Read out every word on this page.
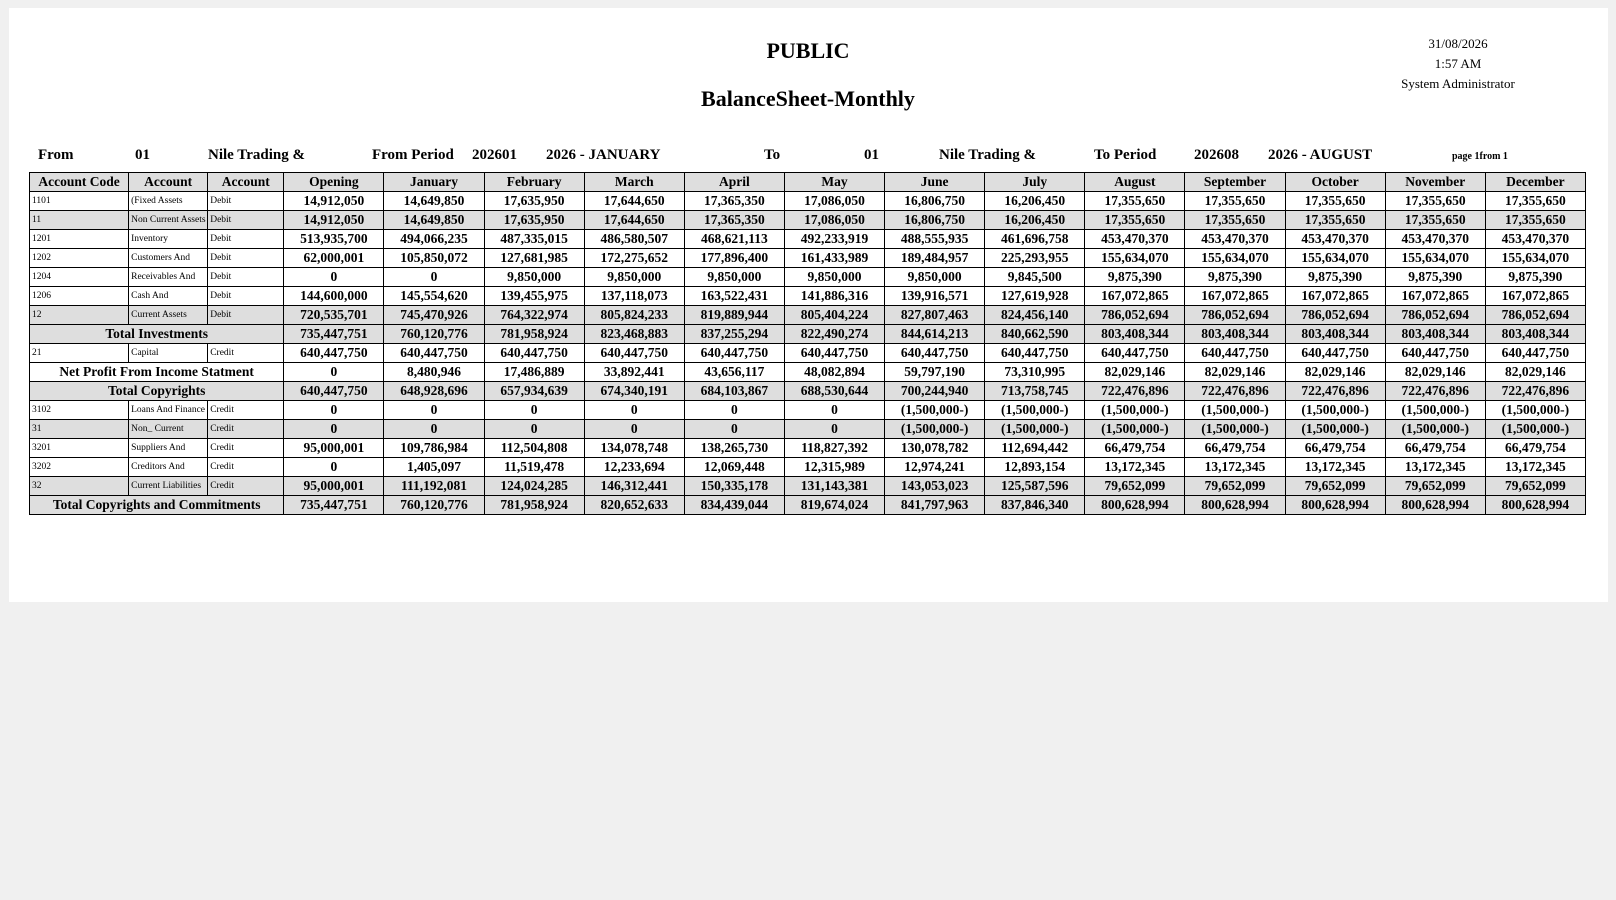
PUBLIC
BalanceSheet-Monthly
31/08/2026
1:57 AM
System Administrator
From	01	Nile Trading &	From Period 202601 2026 - JANUARY	To	01	Nile Trading &	To Period	202608 2026 - AUGUST	page 1from 1
Account Code	Account	Account	Opening	January	February	March	April	May	June	July	August	September	October	November	December
1101	(Fixed Assets	Debit	14,912,050	14,649,850	17,635,950	17,644,650	17,365,350	17,086,050	16,806,750	16,206,450	17,355,650	17,355,650	17,355,650	17,355,650	17,355,650
11	Non Current Assets	Debit	14,912,050	14,649,850	17,635,950	17,644,650	17,365,350	17,086,050	16,806,750	16,206,450	17,355,650	17,355,650	17,355,650	17,355,650	17,355,650
1201	Inventory	Debit	513,935,700	494,066,235	487,335,015	486,580,507	468,621,113	492,233,919	488,555,935	461,696,758	453,470,370	453,470,370	453,470,370	453,470,370	453,470,370
1202	Customers And	Debit	62,000,001	105,850,072	127,681,985	172,275,652	177,896,400	161,433,989	189,484,957	225,293,955	155,634,070	155,634,070	155,634,070	155,634,070	155,634,070
1204	Receivables And	Debit	0	0	9,850,000	9,850,000	9,850,000	9,850,000	9,850,000	9,845,500	9,875,390	9,875,390	9,875,390	9,875,390	9,875,390
1206	Cash And	Debit	144,600,000	145,554,620	139,455,975	137,118,073	163,522,431	141,886,316	139,916,571	127,619,928	167,072,865	167,072,865	167,072,865	167,072,865	167,072,865
12	Current Assets	Debit	720,535,701	745,470,926	764,322,974	805,824,233	819,889,944	805,404,224	827,807,463	824,456,140	786,052,694	786,052,694	786,052,694	786,052,694	786,052,694
Total Investments			735,447,751	760,120,776	781,958,924	823,468,883	837,255,294	822,490,274	844,614,213	840,662,590	803,408,344	803,408,344	803,408,344	803,408,344	803,408,344
21	Capital	Credit	640,447,750	640,447,750	640,447,750	640,447,750	640,447,750	640,447,750	640,447,750	640,447,750	640,447,750	640,447,750	640,447,750	640,447,750	640,447,750
Net Profit From Income Statment			0	8,480,946	17,486,889	33,892,441	43,656,117	48,082,894	59,797,190	73,310,995	82,029,146	82,029,146	82,029,146	82,029,146	82,029,146
Total Copyrights			640,447,750	648,928,696	657,934,639	674,340,191	684,103,867	688,530,644	700,244,940	713,758,745	722,476,896	722,476,896	722,476,896	722,476,896	722,476,896
3102	Loans And Finance	Credit	0	0	0	0	0	0	(1,500,000-)	(1,500,000-)	(1,500,000-)	(1,500,000-)	(1,500,000-)	(1,500,000-)	(1,500,000-)
31	Non_ Current	Credit	0	0	0	0	0	0	(1,500,000-)	(1,500,000-)	(1,500,000-)	(1,500,000-)	(1,500,000-)	(1,500,000-)	(1,500,000-)
3201	Suppliers And	Credit	95,000,001	109,786,984	112,504,808	134,078,748	138,265,730	118,827,392	130,078,782	112,694,442	66,479,754	66,479,754	66,479,754	66,479,754	66,479,754
3202	Creditors And	Credit	0	1,405,097	11,519,478	12,233,694	12,069,448	12,315,989	12,974,241	12,893,154	13,172,345	13,172,345	13,172,345	13,172,345	13,172,345
32	Current Liabilities	Credit	95,000,001	111,192,081	124,024,285	146,312,441	150,335,178	131,143,381	143,053,023	125,587,596	79,652,099	79,652,099	79,652,099	79,652,099	79,652,099
Total Copyrights and Commitments			735,447,751	760,120,776	781,958,924	820,652,633	834,439,044	819,674,024	841,797,963	837,846,340	800,628,994	800,628,994	800,628,994	800,628,994	800,628,994
